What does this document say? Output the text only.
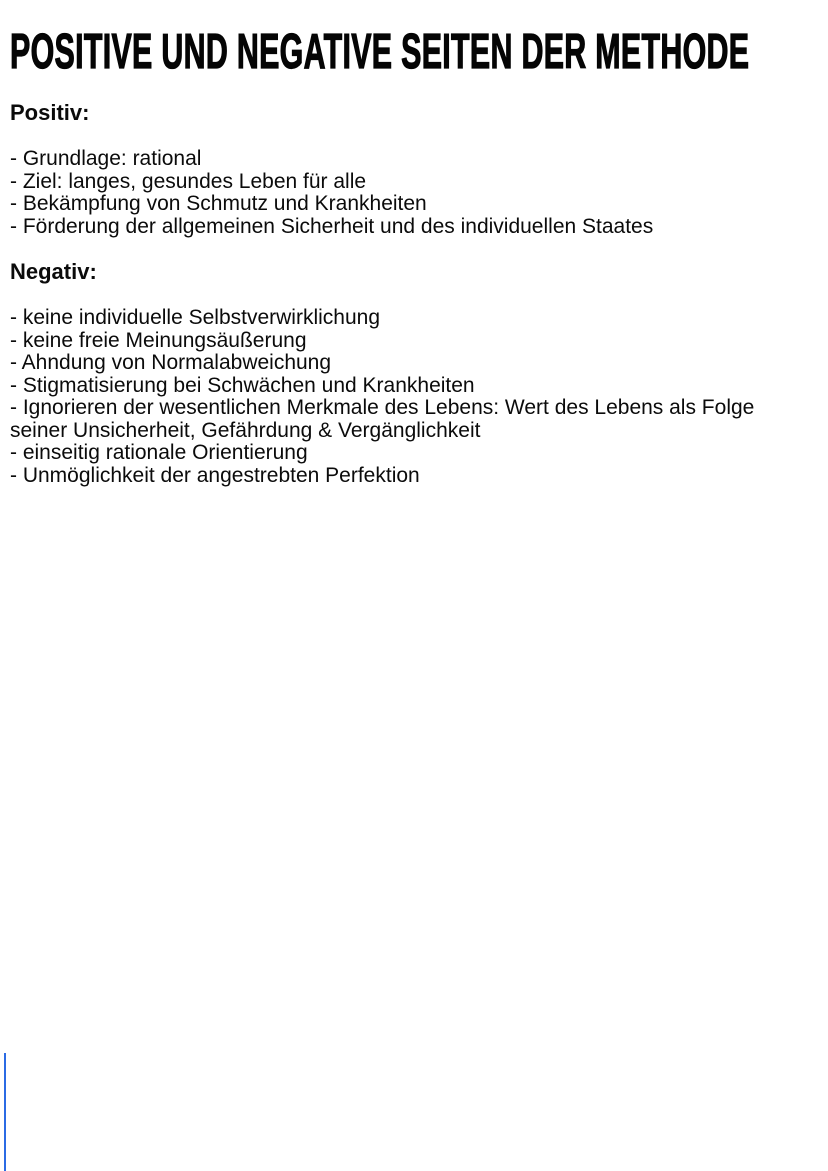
POSITIVE UND NEGATIVE SEITEN DER METHODE
Positiv:
- Grundlage: rational
- Ziel: langes, gesundes Leben für alle
- Bekämpfung von Schmutz und Krankheiten
- Förderung der allgemeinen Sicherheit und des individuellen Staates
Negativ:
- keine individuelle Selbstverwirklichung
- keine freie Meinungsäußerung
- Ahndung von Normalabweichung
- Stigmatisierung bei Schwächen und Krankheiten
- Ignorieren der wesentlichen Merkmale des Lebens: Wert des Lebens als Folge seiner Unsicherheit, Gefährdung & Vergänglichkeit
- einseitig rationale Orientierung
- Unmöglichkeit der angestrebten Perfektion
